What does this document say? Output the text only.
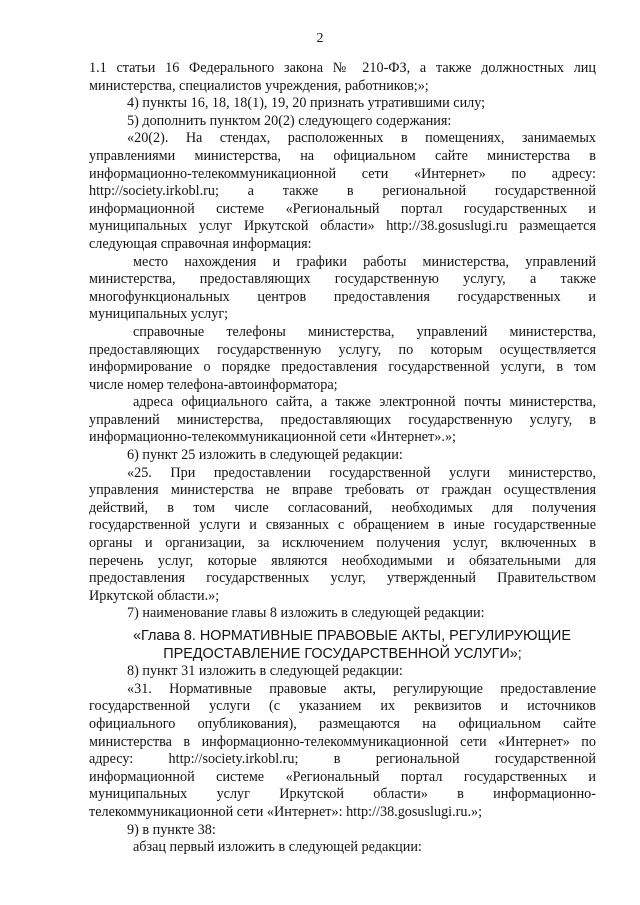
2
1.1 статьи 16 Федерального закона № 210-ФЗ, а также должностных лиц
министерства, специалистов учреждения, работников;»;
4) пункты 16, 18, 18(1), 19, 20 признать утратившими силу;
5) дополнить пунктом 20(2) следующего содержания:
«20(2). На стендах, расположенных в помещениях, занимаемых
управлениями министерства, на официальном сайте министерства в
информационно-телекоммуникационной сети «Интернет» по адресу:
http://society.irkobl.ru; а также в региональной государственной
информационной системе «Региональный портал государственных и
муниципальных услуг Иркутской области» http://38.gosuslugi.ru размещается
следующая справочная информация:
место нахождения и графики работы министерства, управлений
министерства, предоставляющих государственную услугу, а также
многофункциональных центров предоставления государственных и
муниципальных услуг;
справочные телефоны министерства, управлений министерства,
предоставляющих государственную услугу, по которым осуществляется
информирование о порядке предоставления государственной услуги, в том
числе номер телефона-автоинформатора;
адреса официального сайта, а также электронной почты министерства,
управлений министерства, предоставляющих государственную услугу, в
информационно-телекоммуникационной сети «Интернет».»;
6) пункт 25 изложить в следующей редакции:
«25. При предоставлении государственной услуги министерство,
управления министерства не вправе требовать от граждан осуществления
действий, в том числе согласований, необходимых для получения
государственной услуги и связанных с обращением в иные государственные
органы и организации, за исключением получения услуг, включенных в
перечень услуг, которые являются необходимыми и обязательными для
предоставления государственных услуг, утвержденный Правительством
Иркутской области.»;
7) наименование главы 8 изложить в следующей редакции:
«Глава 8. НОРМАТИВНЫЕ ПРАВОВЫЕ АКТЫ, РЕГУЛИРУЮЩИЕ
ПРЕДОСТАВЛЕНИЕ ГОСУДАРСТВЕННОЙ УСЛУГИ»;
8) пункт 31 изложить в следующей редакции:
«31. Нормативные правовые акты, регулирующие предоставление
государственной услуги (с указанием их реквизитов и источников
официального опубликования), размещаются на официальном сайте
министерства в информационно-телекоммуникационной сети «Интернет» по
адресу: http://society.irkobl.ru; в региональной государственной
информационной системе «Региональный портал государственных и
муниципальных услуг Иркутской области» в информационно-
телекоммуникационной сети «Интернет»: http://38.gosuslugi.ru.»;
9) в пункте 38:
абзац первый изложить в следующей редакции:
